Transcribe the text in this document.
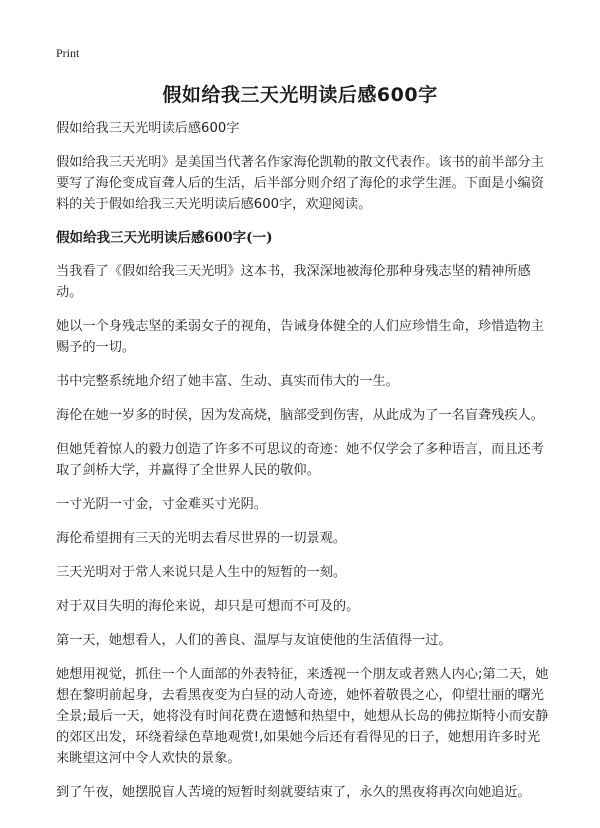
Print
假如给我三天光明读后感600字

假如给我三天光明读后感600字

假如给我三天光明》是美国当代著名作家海伦凯勒的散文代表作。该书的前半部分主要写了海伦变成盲聋人后的生活，后半部分则介绍了海伦的求学生涯。下面是小编资料的关于假如给我三天光明读后感600字，欢迎阅读。

假如给我三天光明读后感600字(一)

当我看了《假如给我三天光明》这本书，我深深地被海伦那种身残志坚的精神所感动。

她以一个身残志坚的柔弱女子的视角，告诫身体健全的人们应珍惜生命，珍惜造物主赐予的一切。

书中完整系统地介绍了她丰富、生动、真实而伟大的一生。

海伦在她一岁多的时侯，因为发高烧，脑部受到伤害，从此成为了一名盲聋残疾人。

但她凭着惊人的毅力创造了许多不可思议的奇迹：她不仅学会了多种语言，而且还考取了剑桥大学，并赢得了全世界人民的敬仰。

一寸光阴一寸金，寸金难买寸光阴。

海伦希望拥有三天的光明去看尽世界的一切景观。

三天光明对于常人来说只是人生中的短暂的一刻。

对于双目失明的海伦来说，却只是可想而不可及的。

第一天，她想看人，人们的善良、温厚与友谊使他的生活值得一过。

她想用视觉，抓住一个人面部的外表特征，来透视一个朋友或者熟人内心;第二天，她想在黎明前起身，去看黑夜变为白昼的动人奇迹，她怀着敬畏之心，仰望壮丽的曙光全景;最后一天，她将没有时间花费在遗憾和热望中，她想从长岛的佛拉斯特小而安静的郊区出发，环绕着绿色草地观赏!,如果她今后还有看得见的日子，她想用许多时光来眺望这河中令人欢快的景象。

到了午夜，她摆脱盲人苦境的短暂时刻就要结束了，永久的黑夜将再次向她追近。
